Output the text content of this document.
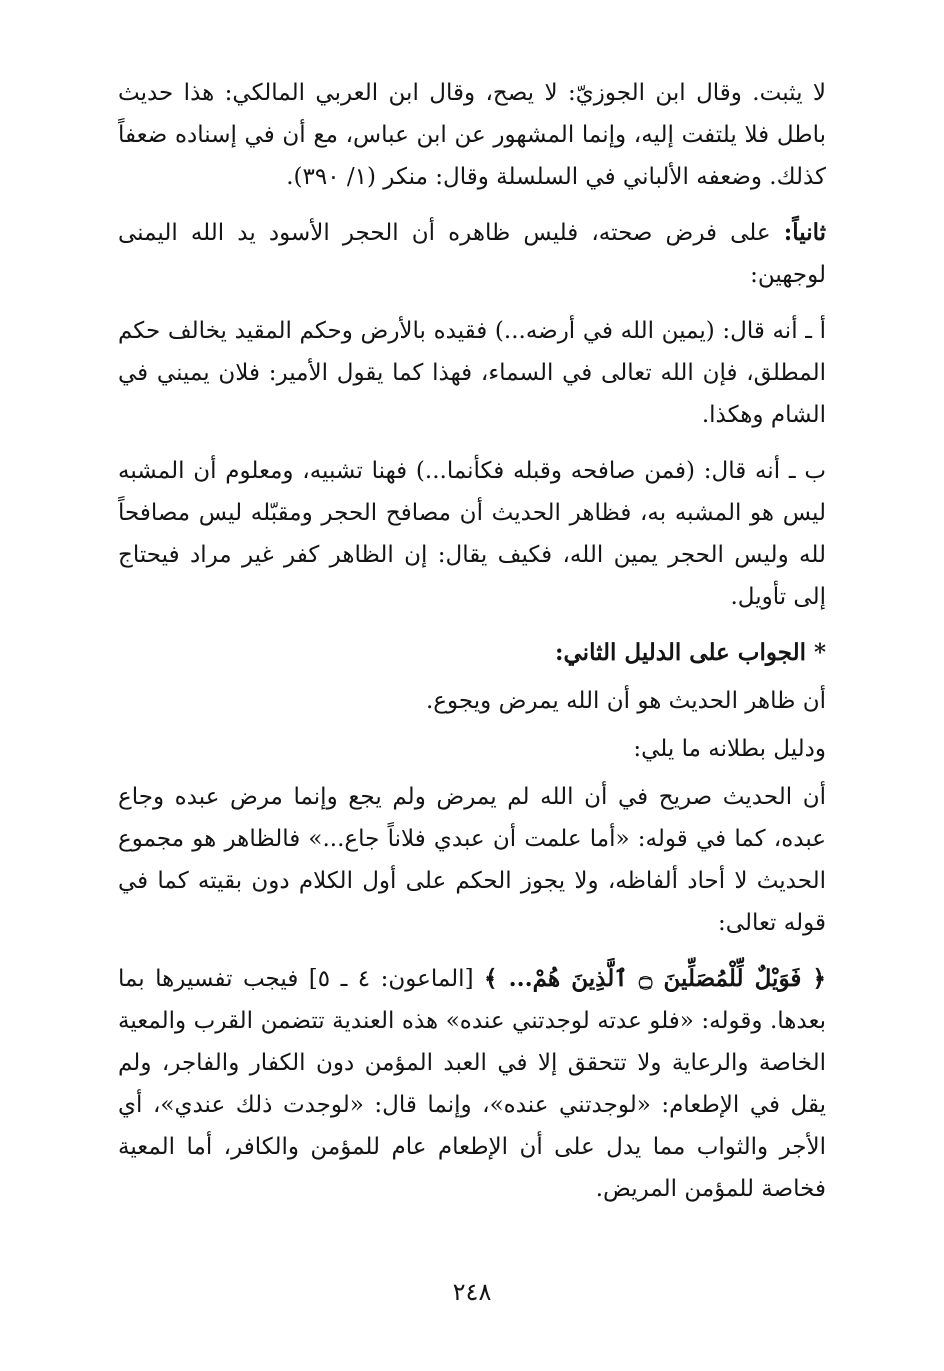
لا يثبت. وقال ابن الجوزيّ: لا يصح، وقال ابن العربي المالكي: هذا حديث باطل فلا يلتفت إليه، وإنما المشهور عن ابن عباس، مع أن في إسناده ضعفاً كذلك. وضعفه الألباني في السلسلة وقال: منكر (١/ ٣٩٠).

ثانياً: على فرض صحته، فليس ظاهره أن الحجر الأسود يد الله اليمنى لوجهين:

أ ـ أنه قال: (يمين الله في أرضه...) فقيده بالأرض وحكم المقيد يخالف حكم المطلق، فإن الله تعالى في السماء، فهذا كما يقول الأمير: فلان يميني في الشام وهكذا.

ب ـ أنه قال: (فمن صافحه وقبله فكأنما...) فهنا تشبيه، ومعلوم أن المشبه ليس هو المشبه به، فظاهر الحديث أن مصافح الحجر ومقبّله ليس مصافحاً لله وليس الحجر يمين الله، فكيف يقال: إن الظاهر كفر غير مراد فيحتاج إلى تأويل.

* الجواب على الدليل الثاني:

أن ظاهر الحديث هو أن الله يمرض ويجوع.

ودليل بطلانه ما يلي:

أن الحديث صريح في أن الله لم يمرض ولم يجع وإنما مرض عبده وجاع عبده، كما في قوله: «أما علمت أن عبدي فلاناً جاع...» فالظاهر هو مجموع الحديث لا أحاد ألفاظه، ولا يجوز الحكم على أول الكلام دون بقيته كما في قوله تعالى:

﴿ فَوَيْلٌ لِّلْمُصَلِّينَ ۝ ٱلَّذِينَ هُمْ... ﴾ [الماعون: ٤ ـ ٥] فيجب تفسيرها بما بعدها. وقوله: «فلو عدته لوجدتني عنده» هذه العندية تتضمن القرب والمعية الخاصة والرعاية ولا تتحقق إلا في العبد المؤمن دون الكفار والفاجر، ولم يقل في الإطعام: «لوجدتني عنده»، وإنما قال: «لوجدت ذلك عندي»، أي الأجر والثواب مما يدل على أن الإطعام عام للمؤمن والكافر، أما المعية فخاصة للمؤمن المريض.

٢٤٨
